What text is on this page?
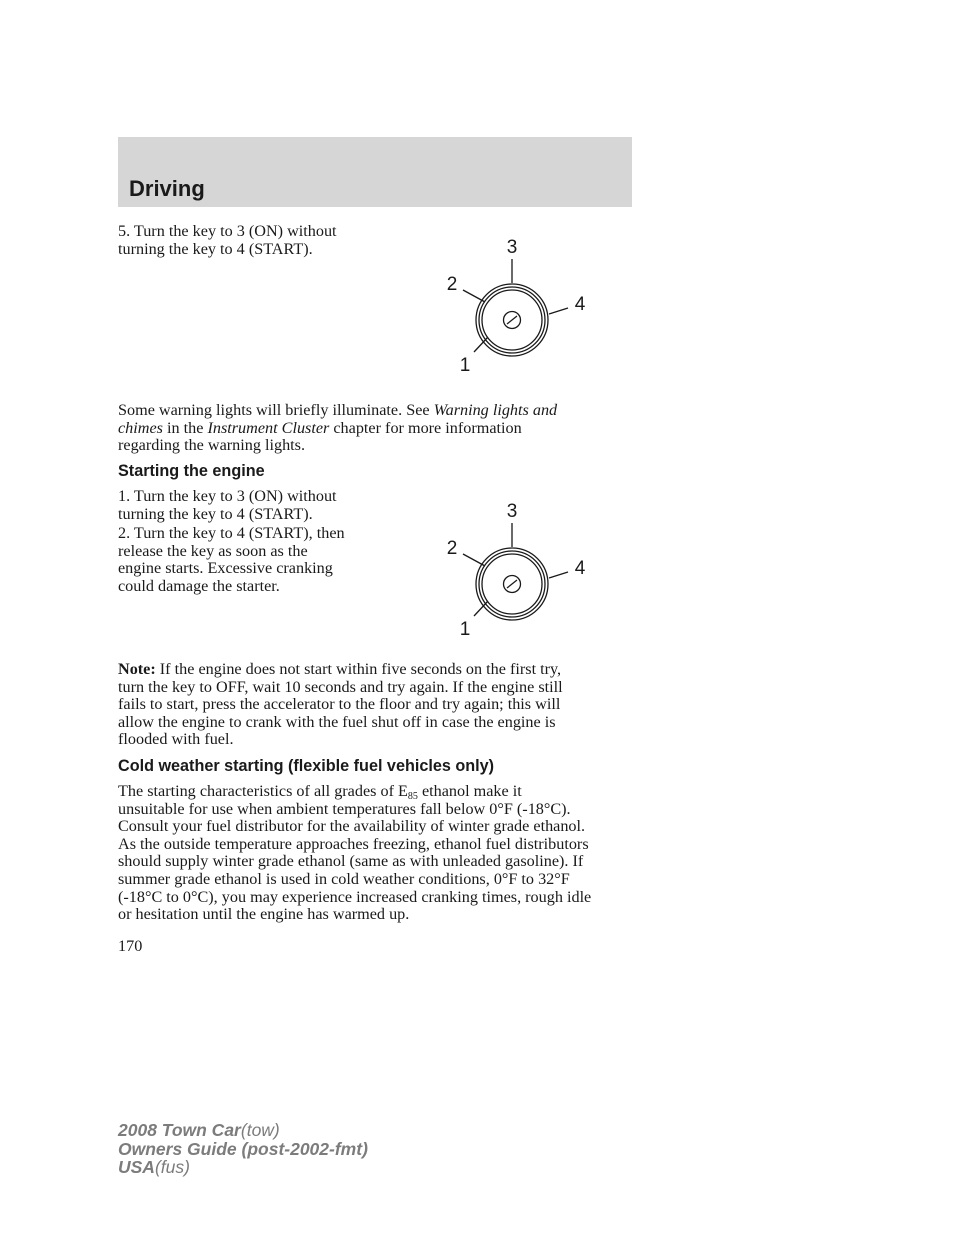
Driving
5. Turn the key to 3 (ON) without
turning the key to 4 (START).	3
2
4
1
Some warning lights will briefly illuminate. See Warning lights and
chimes in the Instrument Cluster chapter for more information
regarding the warning lights.
Starting the engine
1. Turn the key to 3 (ON) without
turning the key to 4 (START).
2. Turn the key to 4 (START), then
release the key as soon as the
engine starts. Excessive cranking
could damage the starter.
3
2
4
1
Note: If the engine does not start within five seconds on the first try,
turn the key to OFF, wait 10 seconds and try again. If the engine still
fails to start, press the accelerator to the floor and try again; this will
allow the engine to crank with the fuel shut off in case the engine is
flooded with fuel.
Cold weather starting (flexible fuel vehicles only)
The starting characteristics of all grades of $E_{85}$ ethanol make it
unsuitable for use when ambient temperatures fall below 0°F (-18°C).
Consult your fuel distributor for the availability of winter grade ethanol.
As the outside temperature approaches freezing, ethanol fuel distributors
should supply winter grade ethanol (same as with unleaded gasoline). If
summer grade ethanol is used in cold weather conditions, 0°F to 32°F
(-18°C to 0°C), you may experience increased cranking times, rough idle
or hesitation until the engine has warmed up.
170
2008 Town Car(tow)
Owners Guide (post-2002-fmt)
USA(fus)
